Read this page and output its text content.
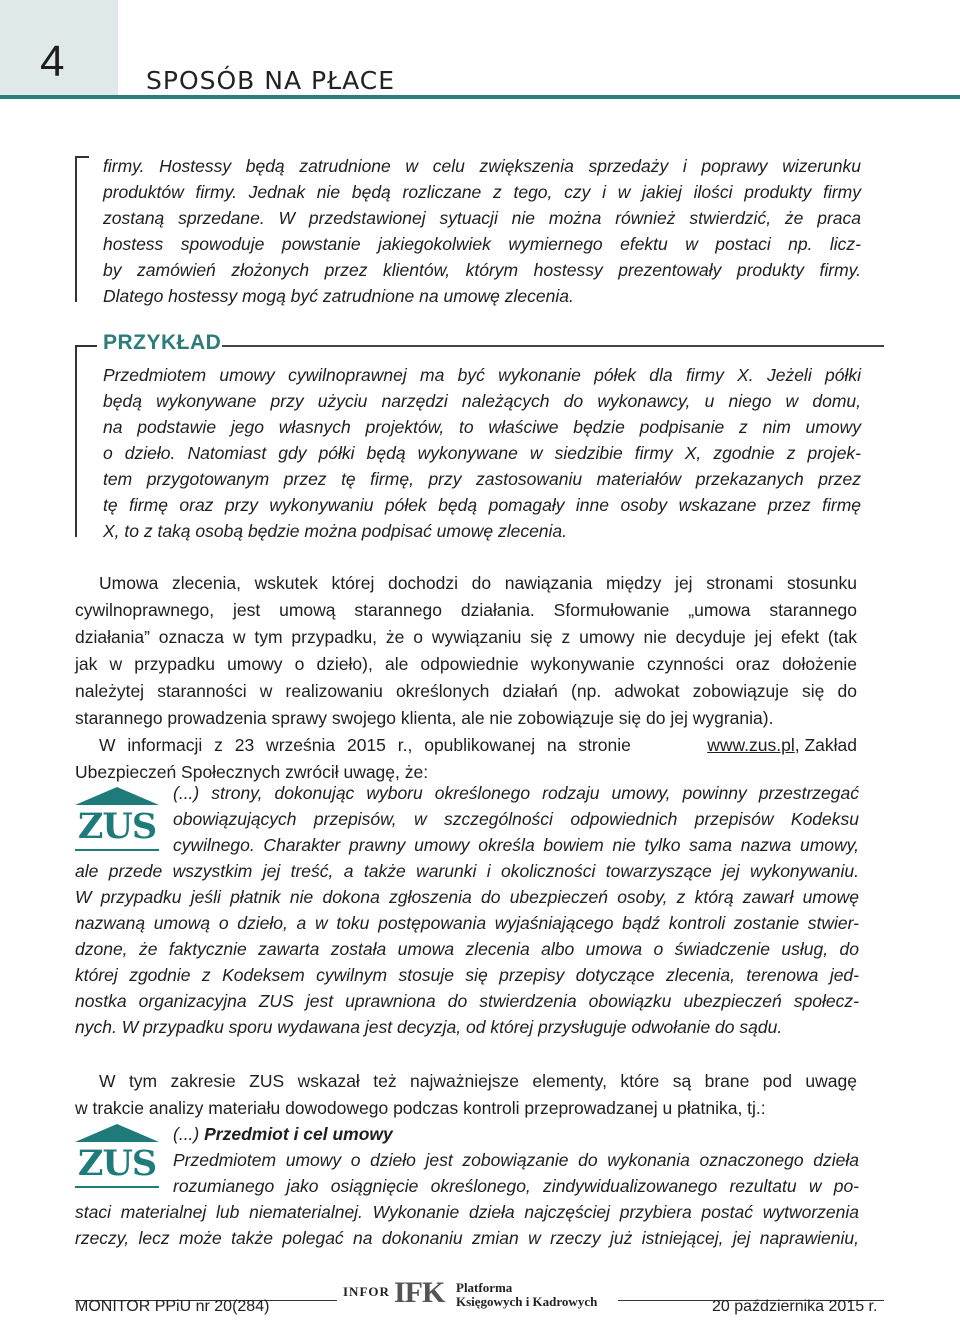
4	SPOSÓB NA PŁACE
firmy. Hostessy będą zatrudnione w celu zwiększenia sprzedaży i poprawy wizerunku
produktów firmy. Jednak nie będą rozliczane z tego, czy i w jakiej ilości produkty firmy
zostaną sprzedane. W przedstawionej sytuacji nie można również stwierdzić, że praca
hostess spowoduje powstanie jakiegokolwiek wymiernego efektu w postaci np. licz-
by zamówień złożonych przez klientów, którym hostessy prezentowały produkty firmy.
Dlatego hostessy mogą być zatrudnione na umowę zlecenia.
PRZYKŁAD
Przedmiotem umowy cywilnoprawnej ma być wykonanie półek dla firmy X. Jeżeli półki
będą wykonywane przy użyciu narzędzi należących do wykonawcy, u niego w domu,
na podstawie jego własnych projektów, to właściwe będzie podpisanie z nim umowy
o dzieło. Natomiast gdy półki będą wykonywane w siedzibie firmy X, zgodnie z projek-
tem przygotowanym przez tę firmę, przy zastosowaniu materiałów przekazanych przez
tę firmę oraz przy wykonywaniu półek będą pomagały inne osoby wskazane przez firmę
X, to z taką osobą będzie można podpisać umowę zlecenia.
Umowa zlecenia, wskutek której dochodzi do nawiązania między jej stronami stosunku
cywilnoprawnego, jest umową starannego działania. Sformułowanie „umowa starannego
działania” oznacza w tym przypadku, że o wywiązaniu się z umowy nie decyduje jej efekt (tak
jak w przypadku umowy o dzieło), ale odpowiednie wykonywanie czynności oraz dołożenie
należytej staranności w realizowaniu określonych działań (np. adwokat zobowiązuje się do
starannego prowadzenia sprawy swojego klienta, ale nie zobowiązuje się do jej wygrania).
W informacji z 23 września 2015 r., opublikowanej na stronie	www.zus.pl , Zakład
Ubezpieczeń Społecznych zwrócił uwagę, że:
ZUS
(...) strony, dokonując wyboru określonego rodzaju umowy, powinny przestrzegać
obowiązujących przepisów, w szczególności odpowiednich przepisów Kodeksu
cywilnego. Charakter prawny umowy określa bowiem nie tylko sama nazwa umowy,
ale przede wszystkim jej treść, a także warunki i okoliczności towarzyszące jej wykonywaniu.
W przypadku jeśli płatnik nie dokona zgłoszenia do ubezpieczeń osoby, z którą zawarł umowę
nazwaną umową o dzieło, a w toku postępowania wyjaśniającego bądź kontroli zostanie stwier-
dzone, że faktycznie zawarta została umowa zlecenia albo umowa o świadczenie usług, do
której zgodnie z Kodeksem cywilnym stosuje się przepisy dotyczące zlecenia, terenowa jed-
nostka organizacyjna ZUS jest uprawniona do stwierdzenia obowiązku ubezpieczeń społecz-
nych. W przypadku sporu wydawana jest decyzja, od której przysługuje odwołanie do sądu.
W tym zakresie ZUS wskazał też najważniejsze elementy, które są brane pod uwagę
w trakcie analizy materiału dowodowego podczas kontroli przeprowadzanej u płatnika, tj.:
ZUS
(...) Przedmiot i cel umowy
Przedmiotem umowy o dzieło jest zobowiązanie do wykonania oznaczonego dzieła
rozumianego jako osiągnięcie określonego, zindywidualizowanego rezultatu w po-
staci materialnej lub niematerialnej. Wykonanie dzieła najczęściej przybiera postać wytworzenia
rzeczy, lecz może także polegać na dokonaniu zmian w rzeczy już istniejącej, jej naprawieniu,
INFOR IFK Platforma
Księgowych i Kadrowych
MONITOR PPiU nr 20(284)	20 października 2015 r.
